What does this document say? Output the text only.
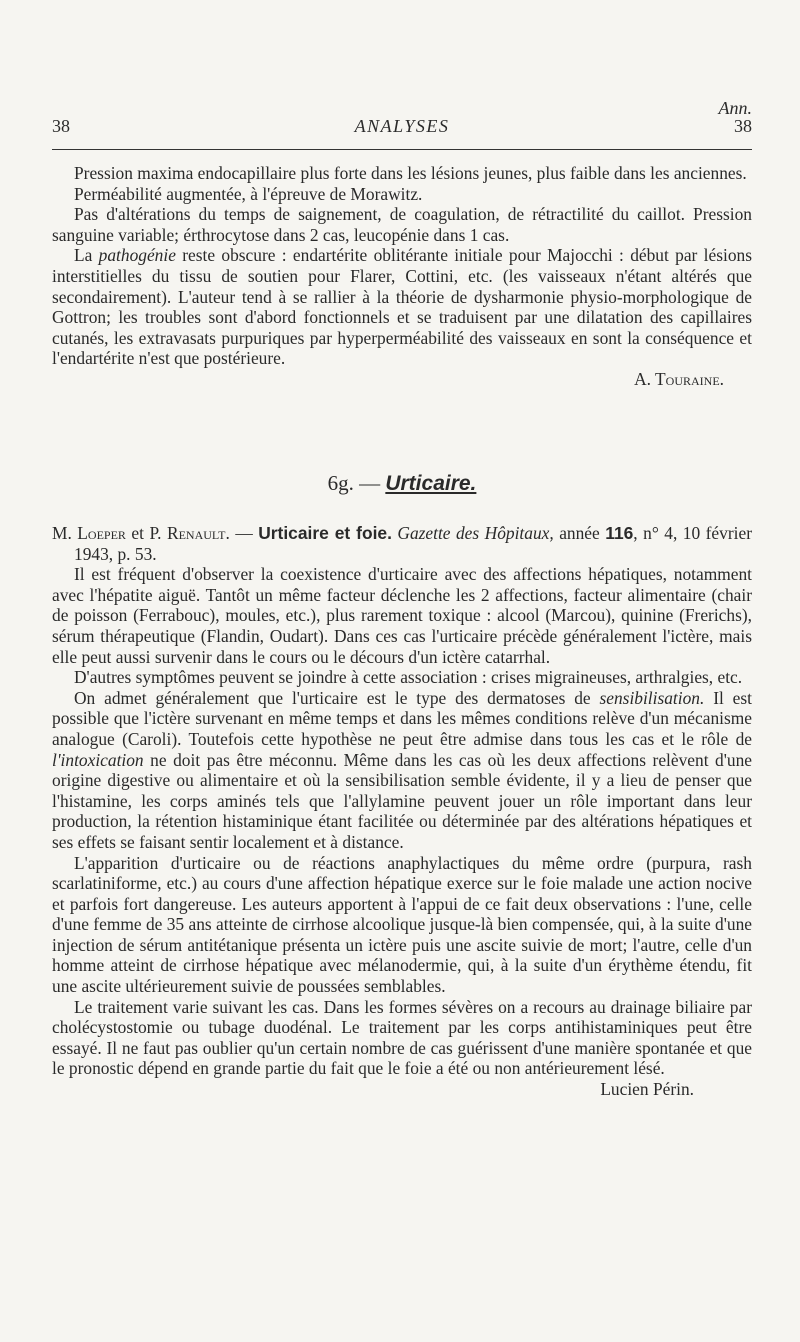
Ann.
38	ANALYSES	38

Pression maxima endocapillaire plus forte dans les lésions jeunes, plus faible dans les anciennes.

Perméabilité augmentée, à l'épreuve de Morawitz.

Pas d'altérations du temps de saignement, de coagulation, de rétractilité du caillot. Pression sanguine variable; érthrocytose dans 2 cas, leucopénie dans 1 cas.

La pathogénie reste obscure : endartérite oblitérante initiale pour Majocchi : début par lésions interstitielles du tissu de soutien pour Flarer, Cottini, etc. (les vaisseaux n'étant altérés que secondairement). L'auteur tend à se rallier à la théorie de dysharmonie physio-morphologique de Gottron; les troubles sont d'abord fonctionnels et se traduisent par une dilatation des capillaires cutanés, les extravasats purpuriques par hyperperméabilité des vaisseaux en sont la conséquence et l'endartérite n'est que postérieure.

A. Touraine.

6g. — Urticaire.

M. Loeper et P. Renault. — Urticaire et foie. Gazette des Hôpitaux, année 116, n° 4, 10 février 1943, p. 53.

Il est fréquent d'observer la coexistence d'urticaire avec des affections hépatiques, notamment avec l'hépatite aiguë. Tantôt un même facteur déclenche les 2 affections, facteur alimentaire (chair de poisson (Ferrabouc), moules, etc.), plus rarement toxique : alcool (Marcou), quinine (Frerichs), sérum thérapeutique (Flandin, Oudart). Dans ces cas l'urticaire précède généralement l'ictère, mais elle peut aussi survenir dans le cours ou le décours d'un ictère catarrhal.

D'autres symptômes peuvent se joindre à cette association : crises migraineuses, arthralgies, etc.

On admet généralement que l'urticaire est le type des dermatoses de sensibilisation. Il est possible que l'ictère survenant en même temps et dans les mêmes conditions relève d'un mécanisme analogue (Caroli). Toutefois cette hypothèse ne peut être admise dans tous les cas et le rôle de l'intoxication ne doit pas être méconnu. Même dans les cas où les deux affections relèvent d'une origine digestive ou alimentaire et où la sensibilisation semble évidente, il y a lieu de penser que l'histamine, les corps aminés tels que l'allylamine peuvent jouer un rôle important dans leur production, la rétention histaminique étant facilitée ou déterminée par des altérations hépatiques et ses effets se faisant sentir localement et à distance.

L'apparition d'urticaire ou de réactions anaphylactiques du même ordre (purpura, rash scarlatiniforme, etc.) au cours d'une affection hépatique exerce sur le foie malade une action nocive et parfois fort dangereuse. Les auteurs apportent à l'appui de ce fait deux observations : l'une, celle d'une femme de 35 ans atteinte de cirrhose alcoolique jusque-là bien compensée, qui, à la suite d'une injection de sérum antitétanique présenta un ictère puis une ascite suivie de mort; l'autre, celle d'un homme atteint de cirrhose hépatique avec mélanodermie, qui, à la suite d'un érythème étendu, fit une ascite ultérieurement suivie de poussées semblables.

Le traitement varie suivant les cas. Dans les formes sévères on a recours au drainage biliaire par cholécystostomie ou tubage duodénal. Le traitement par les corps antihistaminiques peut être essayé. Il ne faut pas oublier qu'un certain nombre de cas guérissent d'une manière spontanée et que le pronostic dépend en grande partie du fait que le foie a été ou non antérieurement lésé.

Lucien Périn.
